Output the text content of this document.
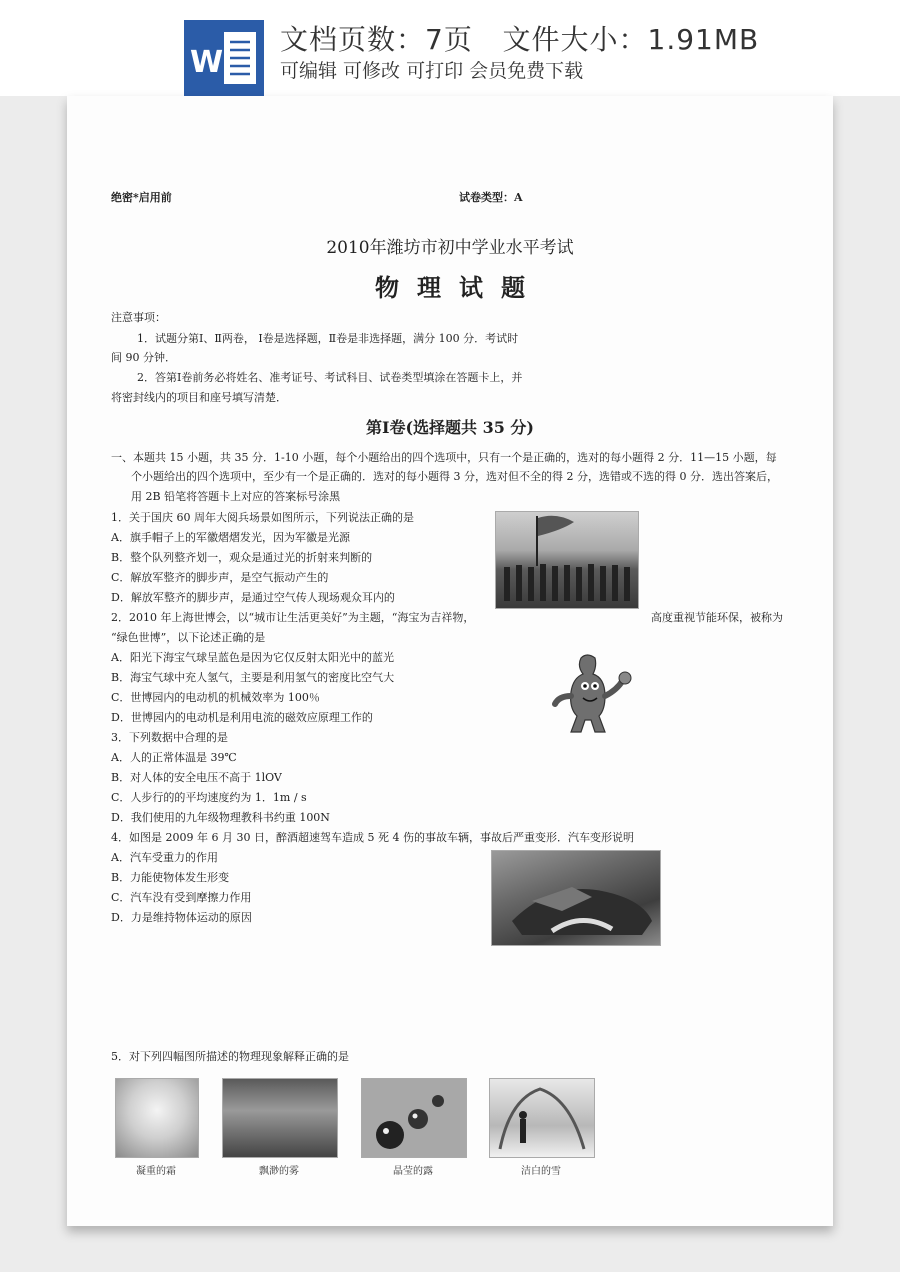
W
文档页数：7页   文件大小：1.91MB
可编辑 可修改 可打印 会员免费下载
绝密*启用前	试卷类型：A
2010年潍坊市初中学业水平考试
物理试题
注意事项：
1．试题分第Ⅰ、Ⅱ两卷， Ⅰ卷是选择题，Ⅱ卷是非选择题，满分 100 分．考试时
间 90 分钟．
2．答第Ⅰ卷前务必将姓名、准考证号、考试科目、试卷类型填涂在答题卡上，并
将密封线内的项目和座号填写清楚．
第Ⅰ卷(选择题共 35 分)
一、本题共 15 小题，共 35 分．1-10 小题，每个小题给出的四个选项中，只有一个是正确的，选对的每小题得 2 分．11—15 小题，每
个小题给出的四个选项中，至少有一个是正确的．选对的每小题得 3 分，选对但不全的得 2 分，选错或不选的得 0 分．选出答案后，
用 2B 铅笔将答题卡上对应的答案标号涂黑
1．关于国庆 60 周年大阅兵场景如图所示，下列说法正确的是
A．旗手帽子上的军徽熠熠发光，因为军徽是光源
B．整个队列整齐划一，观众是通过光的折射来判断的
C．解放军整齐的脚步声，是空气振动产生的
D．解放军整齐的脚步声，是通过空气传人现场观众耳内的
2．2010 年上海世博会，以“城市让生活更美好”为主题，“海宝为吉祥物，	高度重视节能环保，被称为
“绿色世博”，以下论述正确的是
A．阳光下海宝气球呈蓝色是因为它仅反射太阳光中的蓝光
B．海宝气球中充人氢气，主要是利用氢气的密度比空气大
C．世博园内的电动机的机械效率为 100％
D．世博园内的电动机是利用电流的磁效应原理工作的
3．下列数据中合理的是
A．人的正常体温是 39℃
B．对人体的安全电压不高于 1lOV
C．人步行的的平均速度约为 1．1m / s
D．我们使用的九年级物理教科书约重 100N
4．如图是 2009 年 6 月 30 日，醉酒超速驾车造成 5 死 4 伤的事故车辆，事故后严重变形．汽车变形说明
A．汽车受重力的作用
B．力能使物体发生形变
C．汽车没有受到摩擦力作用
D．力是维持物体运动的原因
5．对下列四幅图所描述的物理现象解释正确的是
凝重的霜	飘渺的雾	晶莹的露	洁白的雪
